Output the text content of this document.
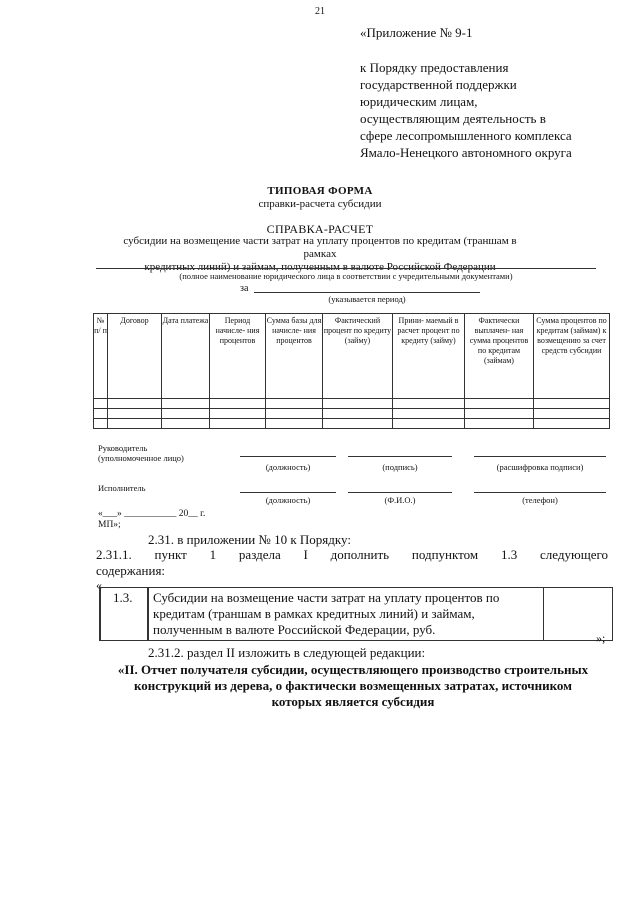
21
«Приложение № 9-1
к Порядку предоставления
государственной поддержки
юридическим лицам,
осуществляющим деятельность в
сфере лесопромышленного комплекса
Ямало-Ненецкого автономного округа
ТИПОВАЯ ФОРМА
справки-расчета субсидии
СПРАВКА-РАСЧЕТ
субсидии на возмещение части затрат на уплату процентов по кредитам (траншам в рамках
кредитных линий) и займам, полученным в валюте Российской Федерации
(полное наименование юридического лица в соответствии с учредительными документами)
за
(указывается период)
№ п/ п	Договор	Дата платежа	Период начисле- ния процентов	Сумма базы для начисле- ния процентов	Фактический процент по кредиту (займу)	Прини- маемый в расчет процент по кредиту (займу)	Фактически выплачен- ная сумма процентов по кредитам (займам)	Сумма процентов по кредитам (займам) к возмещению за счет средств субсидии

Руководитель
(уполномоченное лицо)
(должность)	(подпись)	(расшифровка подписи)
Исполнитель
(должность)	(Ф.И.О.)	(телефон)
«___» ___________ 20__ г.
МП»;
2.31. в приложении № 10 к Порядку:
2.31.1. пункт 1 раздела I дополнить подпунктом 1.3 следующего
содержания:
«
1.3.	Субсидии на возмещение части затрат на уплату процентов по кредитам (траншам в рамках кредитных линий) и займам, полученным в валюте Российской Федерации, руб.	
»;
2.31.2. раздел II изложить в следующей редакции:
«II. Отчет получателя субсидии, осуществляющего производство строительных конструкций из дерева, о фактически возмещенных затратах, источником которых является субсидия
